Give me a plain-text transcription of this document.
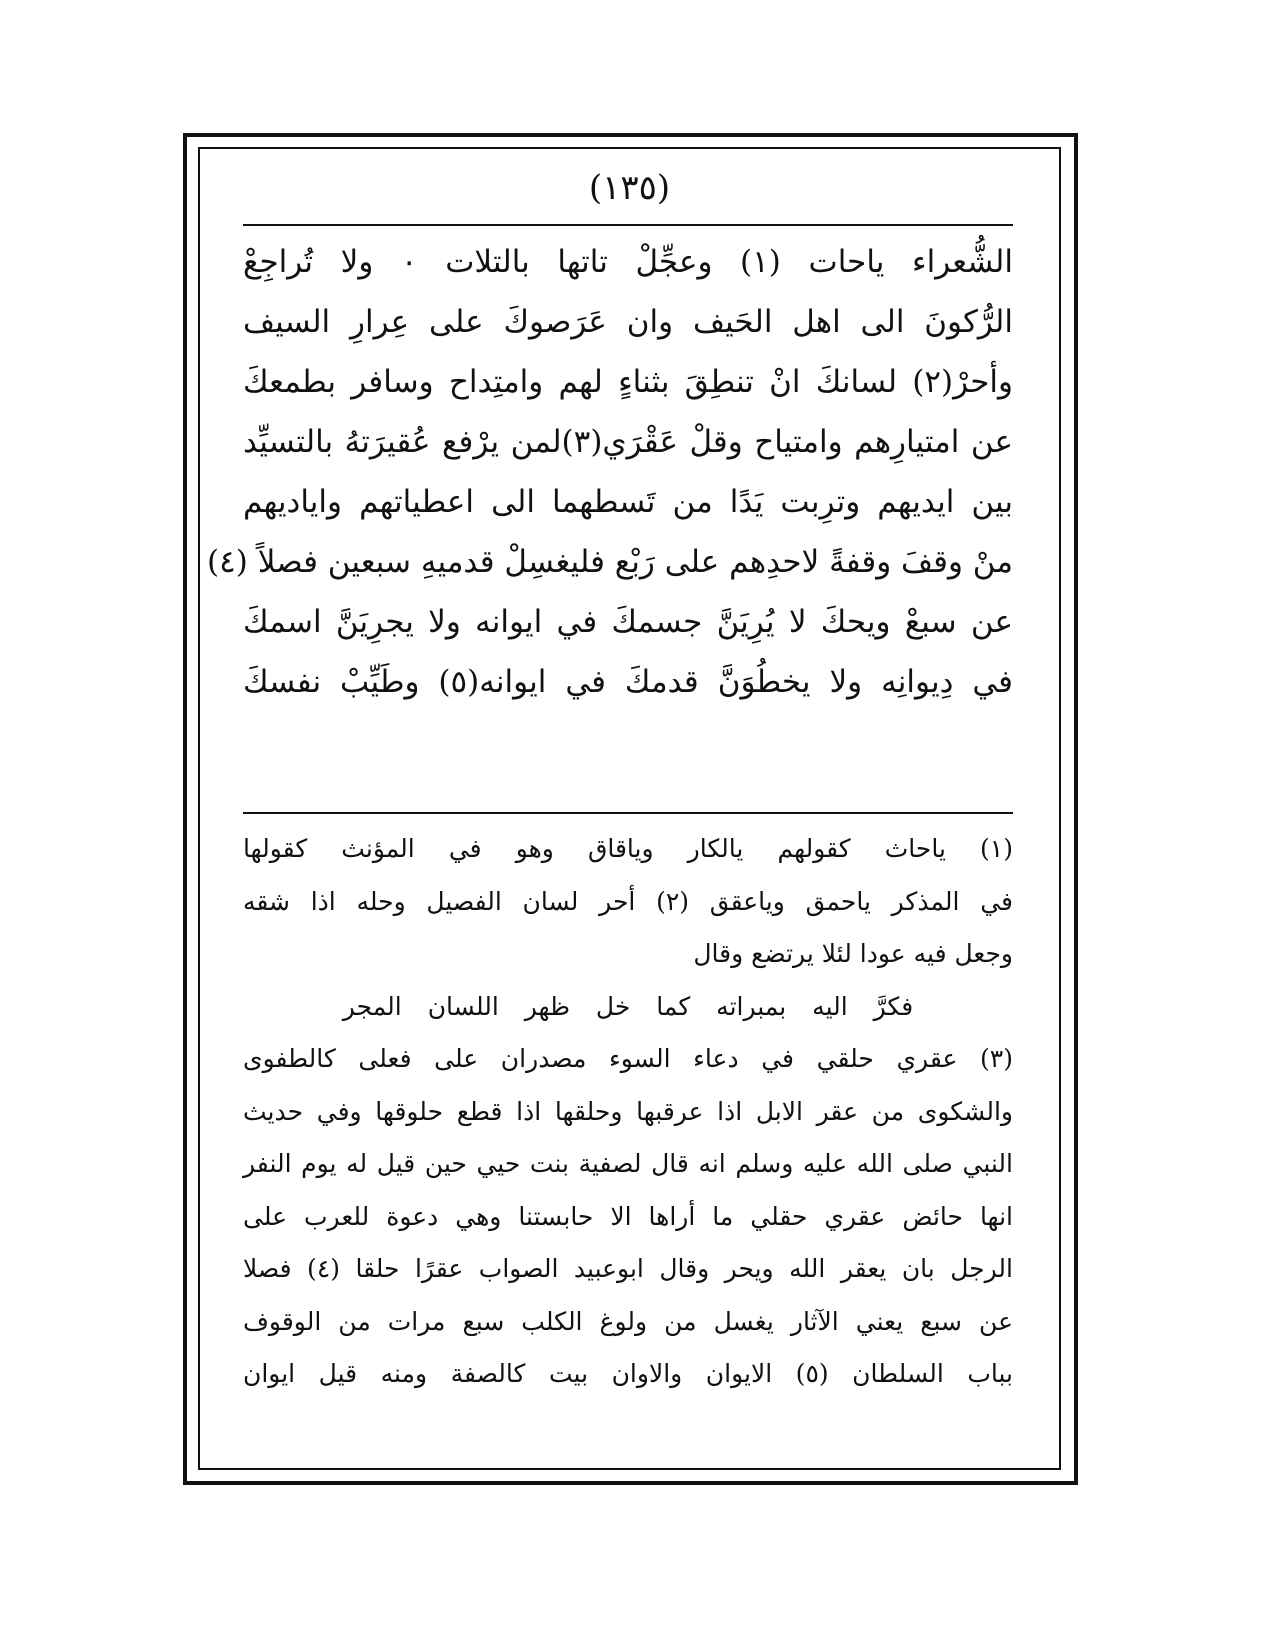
(١٣٥)
الشُّعراء ياحات (١) وعجِّلْ تاتها بالتلات ٠ ولا تُراجِعْ
الرُّكونَ الى اهل الحَيف وان عَرَصوكَ على عِرارِ السيف
وأحرْ(٢) لسانكَ انْ تنطِقَ بثناءٍ لهم وامتِداح وسافر بطمعكَ
عن امتيارِهم وامتياح وقلْ عَقْرَي(٣)لمن يرْفع عُقيرَتهُ بالتسيِّد
بين ايديهم وترِبت يَدًا من تَسطهما الى اعطياتهم واياديهم
منْ وقفَ وقفةً لاحدِهم على رَبْع فليغسِلْ قدميهِ سبعين فصلاً (٤)
عن سبعْ ويحكَ لا يُرِيَنَّ جسمكَ في ايوانه ولا يجرِيَنَّ اسمكَ
في دِيوانِه ولا يخطُوَنَّ قدمكَ في ايوانه(٥) وطَيِّبْ نفسكَ
(١) ياحاث كقولهم يالكار وياقاق وهو في المؤنث كقولها
في المذكر ياحمق وياعقق (٢) أحر لسان الفصيل وحله اذا شقه
وجعل فيه عودا لئلا يرتضع وقال
فكرَّ اليه بمبراته كما خل ظهر اللسان المجر
(٣) عقري حلقي في دعاء السوء مصدران على فعلى كالطفوى
والشكوى من عقر الابل اذا عرقبها وحلقها اذا قطع حلوقها وفي حديث
النبي صلى الله عليه وسلم انه قال لصفية بنت حيي حين قيل له يوم النفر
انها حائض عقري حقلي ما أراها الا حابستنا وهي دعوة للعرب على
الرجل بان يعقر الله ويحر وقال ابوعبيد الصواب عقرًا حلقا (٤) فصلا
عن سبع يعني الآثار يغسل من ولوغ الكلب سبع مرات من الوقوف
بباب السلطان (٥) الايوان والاوان بيت كالصفة ومنه قيل ايوان
